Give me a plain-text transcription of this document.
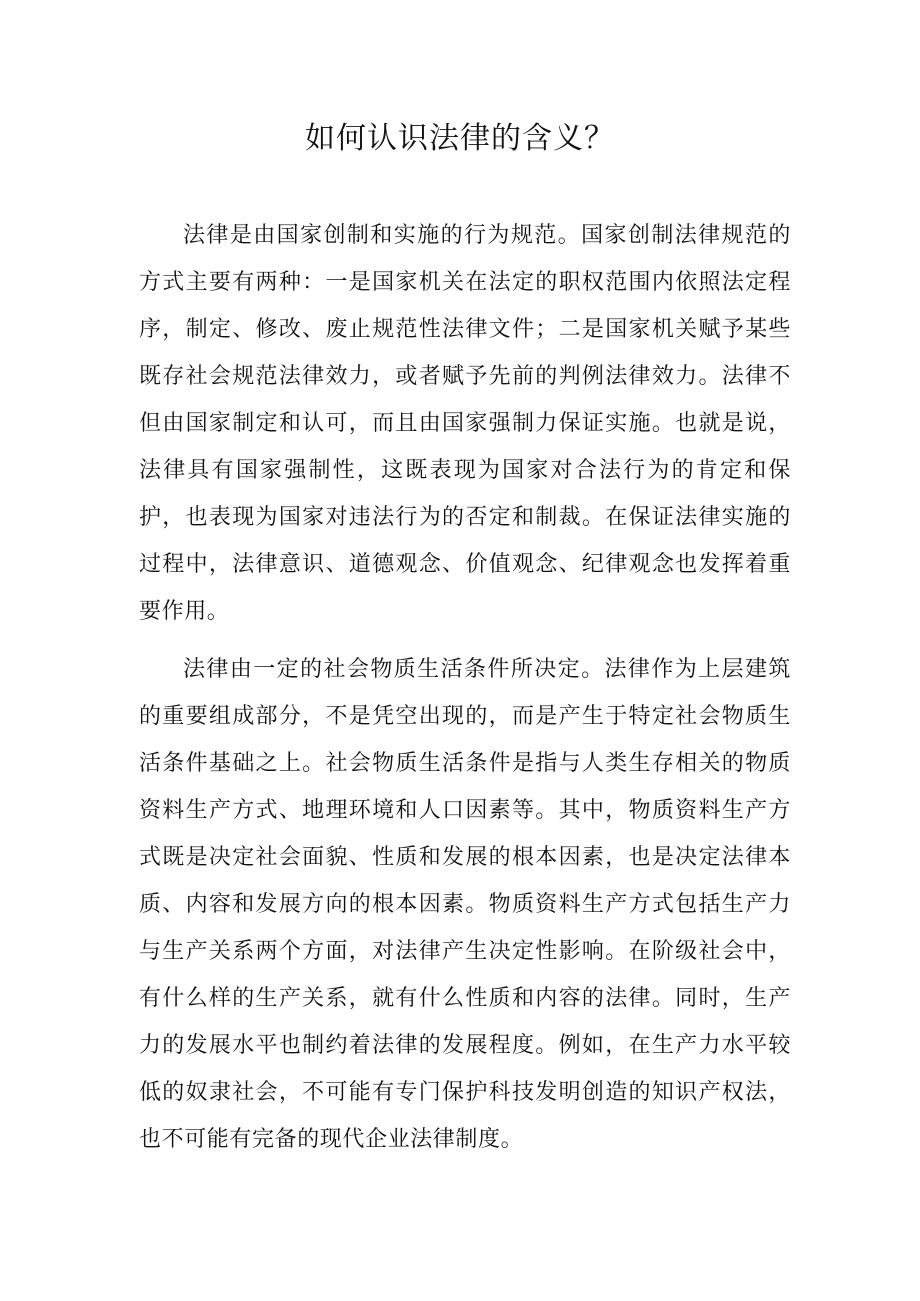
如何认识法律的含义？

法律是由国家创制和实施的行为规范。国家创制法律规范的方式主要有两种：一是国家机关在法定的职权范围内依照法定程序，制定、修改、废止规范性法律文件；二是国家机关赋予某些既存社会规范法律效力，或者赋予先前的判例法律效力。法律不但由国家制定和认可，而且由国家强制力保证实施。也就是说，法律具有国家强制性，这既表现为国家对合法行为的肯定和保护，也表现为国家对违法行为的否定和制裁。在保证法律实施的过程中，法律意识、道德观念、价值观念、纪律观念也发挥着重要作用。

法律由一定的社会物质生活条件所决定。法律作为上层建筑的重要组成部分，不是凭空出现的，而是产生于特定社会物质生活条件基础之上。社会物质生活条件是指与人类生存相关的物质资料生产方式、地理环境和人口因素等。其中，物质资料生产方式既是决定社会面貌、性质和发展的根本因素，也是决定法律本质、内容和发展方向的根本因素。物质资料生产方式包括生产力与生产关系两个方面，对法律产生决定性影响。在阶级社会中，有什么样的生产关系，就有什么性质和内容的法律。同时，生产力的发展水平也制约着法律的发展程度。例如，在生产力水平较低的奴隶社会，不可能有专门保护科技发明创造的知识产权法，也不可能有完备的现代企业法律制度。
